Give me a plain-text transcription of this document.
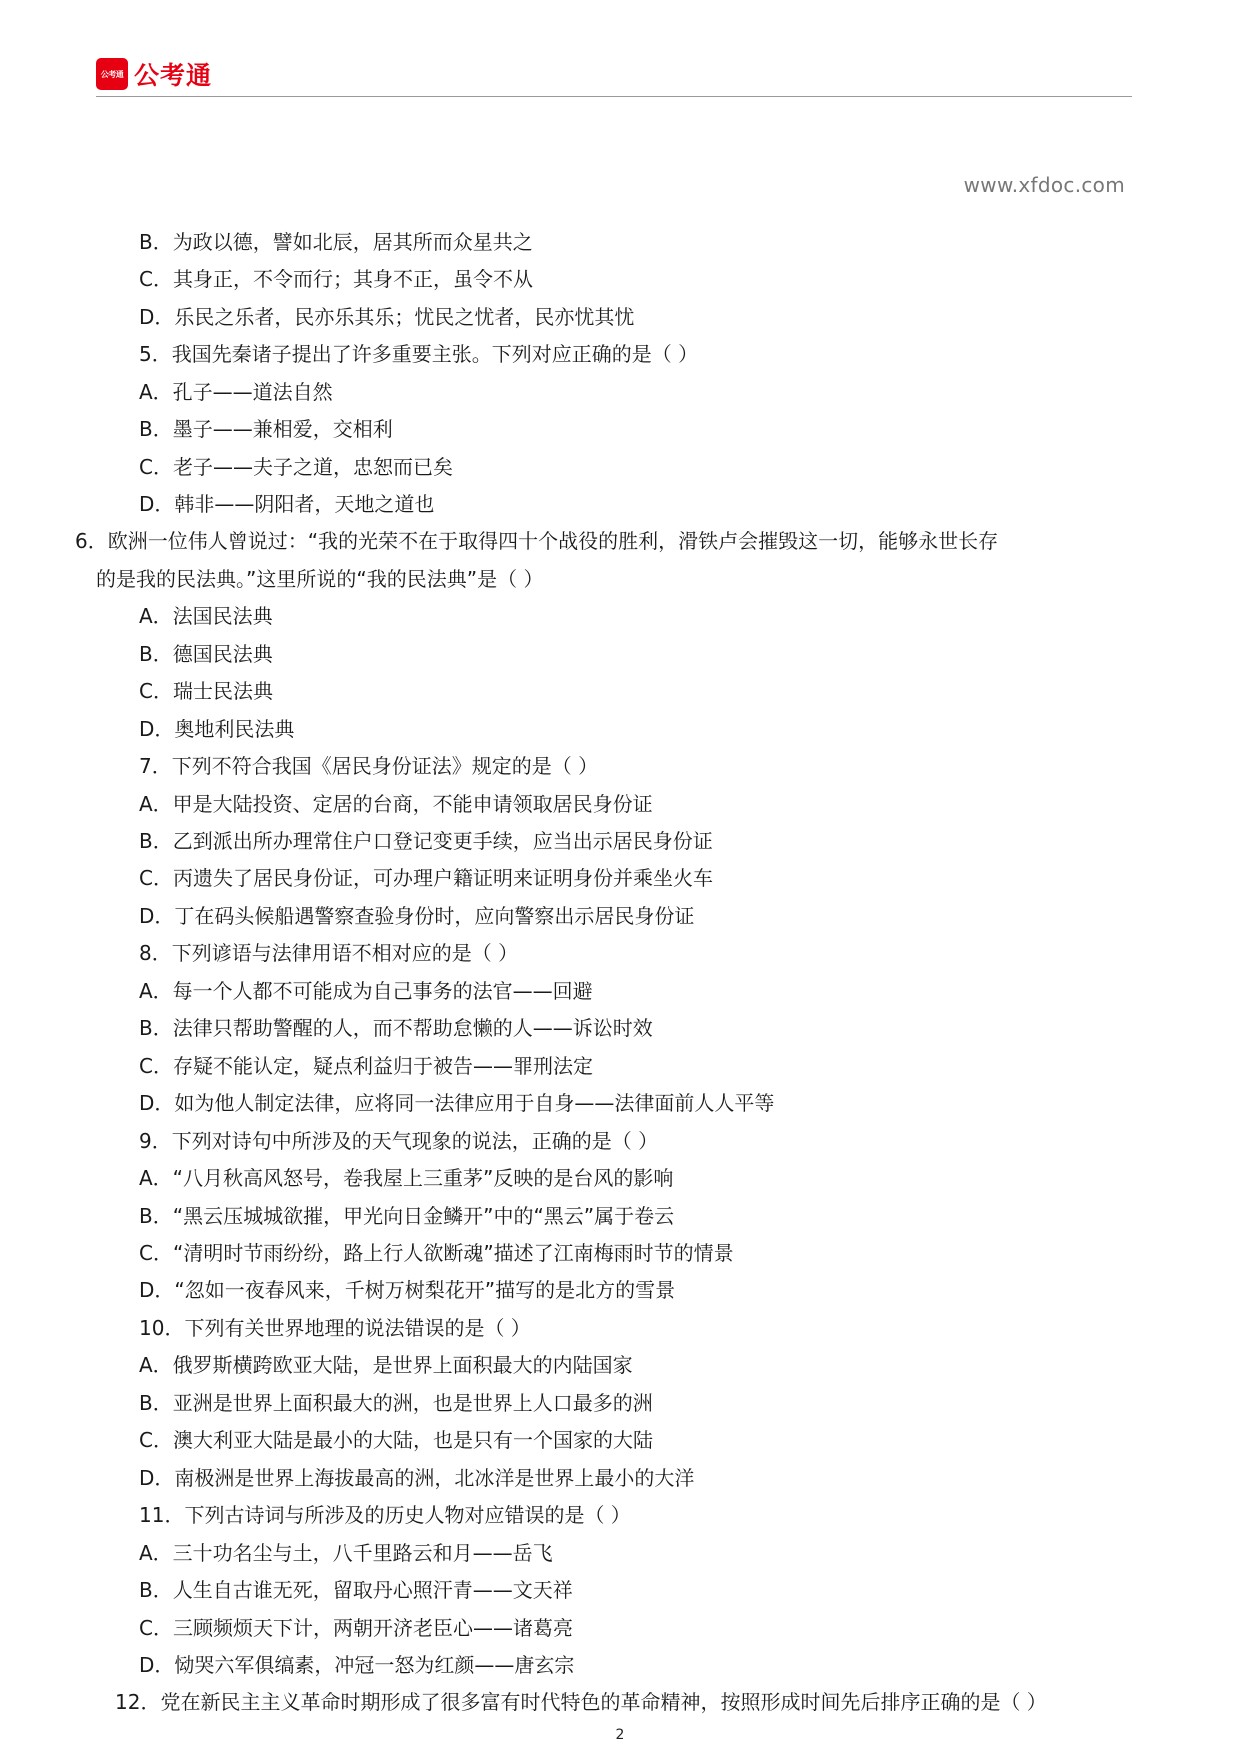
公考通 公考通
www.xfdoc.com
B．为政以德，譬如北辰，居其所而众星共之
C．其身正，不令而行；其身不正，虽令不从
D．乐民之乐者，民亦乐其乐；忧民之忧者，民亦忧其忧
5．我国先秦诸子提出了许多重要主张。下列对应正确的是（ ）
A．孔子——道法自然
B．墨子——兼相爱，交相利
C．老子——夫子之道，忠恕而已矣
D．韩非——阴阳者，天地之道也
6．欧洲一位伟人曾说过：“我的光荣不在于取得四十个战役的胜利，滑铁卢会摧毁这一切，能够永世长存
的是我的民法典。”这里所说的“我的民法典”是（ ）
A．法国民法典
B．德国民法典
C．瑞士民法典
D．奥地利民法典
7．下列不符合我国《居民身份证法》规定的是（ ）
A．甲是大陆投资、定居的台商，不能申请领取居民身份证
B．乙到派出所办理常住户口登记变更手续，应当出示居民身份证
C．丙遗失了居民身份证，可办理户籍证明来证明身份并乘坐火车
D．丁在码头候船遇警察查验身份时，应向警察出示居民身份证
8．下列谚语与法律用语不相对应的是（ ）
A．每一个人都不可能成为自己事务的法官——回避
B．法律只帮助警醒的人，而不帮助怠懒的人——诉讼时效
C．存疑不能认定，疑点利益归于被告——罪刑法定
D．如为他人制定法律，应将同一法律应用于自身——法律面前人人平等
9．下列对诗句中所涉及的天气现象的说法，正确的是（ ）
A．“八月秋高风怒号，卷我屋上三重茅”反映的是台风的影响
B．“黑云压城城欲摧，甲光向日金鳞开”中的“黑云”属于卷云
C．“清明时节雨纷纷，路上行人欲断魂”描述了江南梅雨时节的情景
D．“忽如一夜春风来，千树万树梨花开”描写的是北方的雪景
10．下列有关世界地理的说法错误的是（ ）
A．俄罗斯横跨欧亚大陆，是世界上面积最大的内陆国家
B．亚洲是世界上面积最大的洲，也是世界上人口最多的洲
C．澳大利亚大陆是最小的大陆，也是只有一个国家的大陆
D．南极洲是世界上海拔最高的洲，北冰洋是世界上最小的大洋
11．下列古诗词与所涉及的历史人物对应错误的是（ ）
A．三十功名尘与土，八千里路云和月——岳飞
B．人生自古谁无死，留取丹心照汗青——文天祥
C．三顾频烦天下计，两朝开济老臣心——诸葛亮
D．恸哭六军俱缟素，冲冠一怒为红颜——唐玄宗
12．党在新民主主义革命时期形成了很多富有时代特色的革命精神，按照形成时间先后排序正确的是（ ）
2
